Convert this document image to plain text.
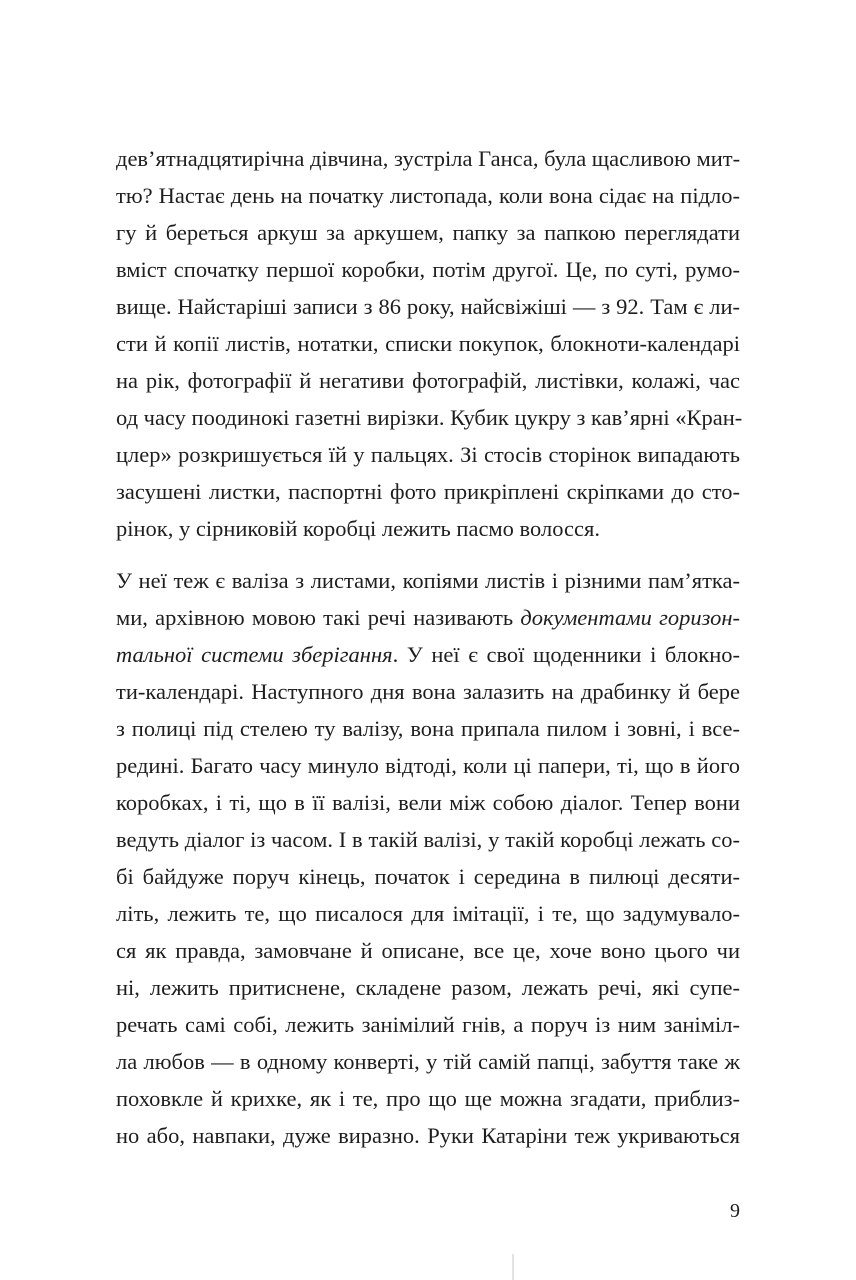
дев’ятнадцятирічна дівчина, зустріла Ганса, була щасливою мит-
тю? Настає день на початку листопада, коли вона сідає на підло-
гу й береться аркуш за аркушем, папку за папкою переглядати
вміст спочатку першої коробки, потім другої. Це, по суті, румо-
вище. Найстаріші записи з 86 року, найсвіжіші — з 92. Там є ли-
сти й копії листів, нотатки, списки покупок, блокноти-календарі
на рік, фотографії й негативи фотографій, листівки, колажі, час
од часу поодинокі газетні вирізки. Кубик цукру з кав’ярні «Кран-
цлер» розкришується їй у пальцях. Зі стосів сторінок випадають
засушені листки, паспортні фото прикріплені скріпками до сто-
рінок, у сірниковій коробці лежить пасмо волосся.
У неї теж є валіза з листами, копіями листів і різними пам’ятка-
ми, архівною мовою такі речі називають документами горизон-
тальної системи зберігання. У неї є свої щоденники і блокно-
ти-календарі. Наступного дня вона залазить на драбинку й бере
з полиці під стелею ту валізу, вона припала пилом і зовні, і все-
редині. Багато часу минуло відтоді, коли ці папери, ті, що в його
коробках, і ті, що в її валізі, вели між собою діалог. Тепер вони
ведуть діалог із часом. І в такій валізі, у такій коробці лежать со-
бі байдуже поруч кінець, початок і середина в пилюці десяти-
літь, лежить те, що писалося для імітації, і те, що задумувало-
ся як правда, замовчане й описане, все це, хоче воно цього чи
ні, лежить притиснене, складене разом, лежать речі, які супе-
речать самі собі, лежить занімілий гнів, а поруч із ним заніміл-
ла любов — в одному конверті, у тій самій папці, забуття таке ж
поховкле й крихке, як і те, про що ще можна згадати, приблиз-
но або, навпаки, дуже виразно. Руки Катаріни теж укриваються
9
